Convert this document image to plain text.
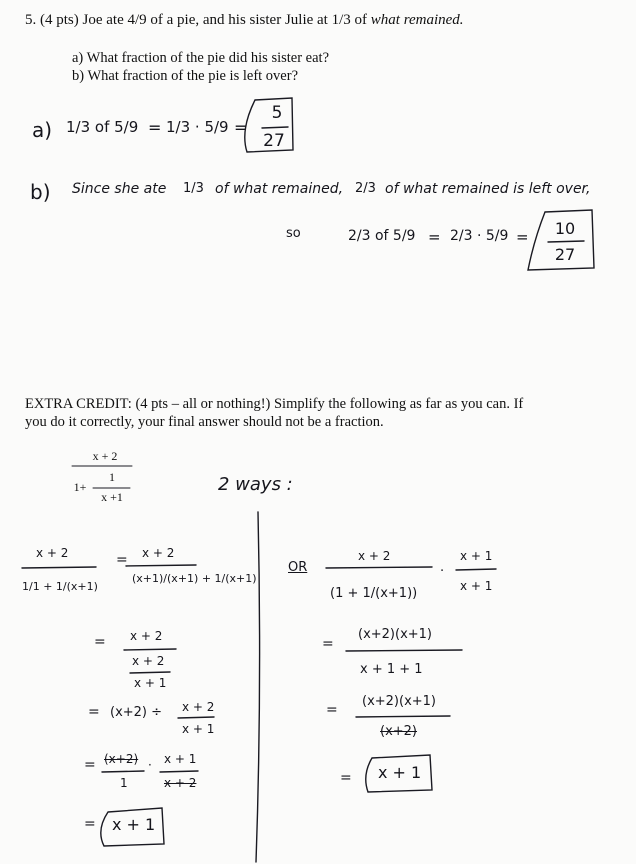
5. (4 pts) Joe ate 4/9 of a pie, and his sister Julie at 1/3 of what remained.
a) What fraction of the pie did his sister eat?
b) What fraction of the pie is left over?
a) 1/3 of 5/9 = 1/3 · 5/9 =
5
27
b) Since she ate 1/3 of what remained, 2/3 of what remained is left over,
so	2/3 of 5/9 = 2/3 · 5/9 =	10
27
EXTRA CREDIT: (4 pts – all or nothing!) Simplify the following as far as you can. If
you do it correctly, your final answer should not be a fraction.
x + 2
1+
1
x +1
2 ways :
OR
x + 2
1/1 + 1/(x+1)
= x + 2
(x+1)/(x+1) + 1/(x+1)
= x + 2
x + 2
x + 1
= (x+2) ÷ x + 2
x + 1
= (x+2)
1
· x + 1
x + 2
= x + 1
x + 2
(1 + 1/(x+1))
·
x + 1
x + 1
=
(x+2)(x+1)
x + 1 + 1
=
(x+2)(x+1)
(x+2)
= x + 1
